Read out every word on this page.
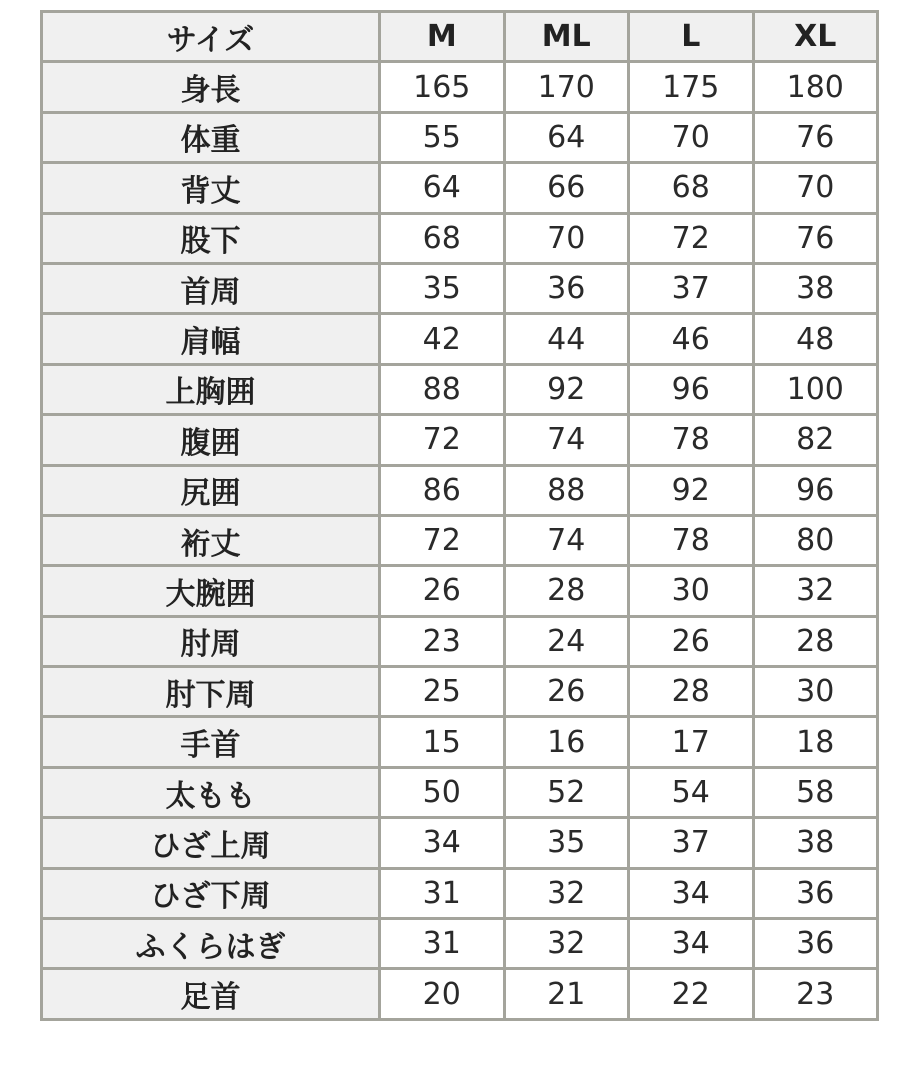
サイズ	M	ML	L	XL
身長	165	170	175	180
体重	55	64	70	76
背丈	64	66	68	70
股下	68	70	72	76
首周	35	36	37	38
肩幅	42	44	46	48
上胸囲	88	92	96	100
腹囲	72	74	78	82
尻囲	86	88	92	96
裄丈	72	74	78	80
大腕囲	26	28	30	32
肘周	23	24	26	28
肘下周	25	26	28	30
手首	15	16	17	18
太もも	50	52	54	58
ひざ上周	34	35	37	38
ひざ下周	31	32	34	36
ふくらはぎ	31	32	34	36
足首	20	21	22	23
